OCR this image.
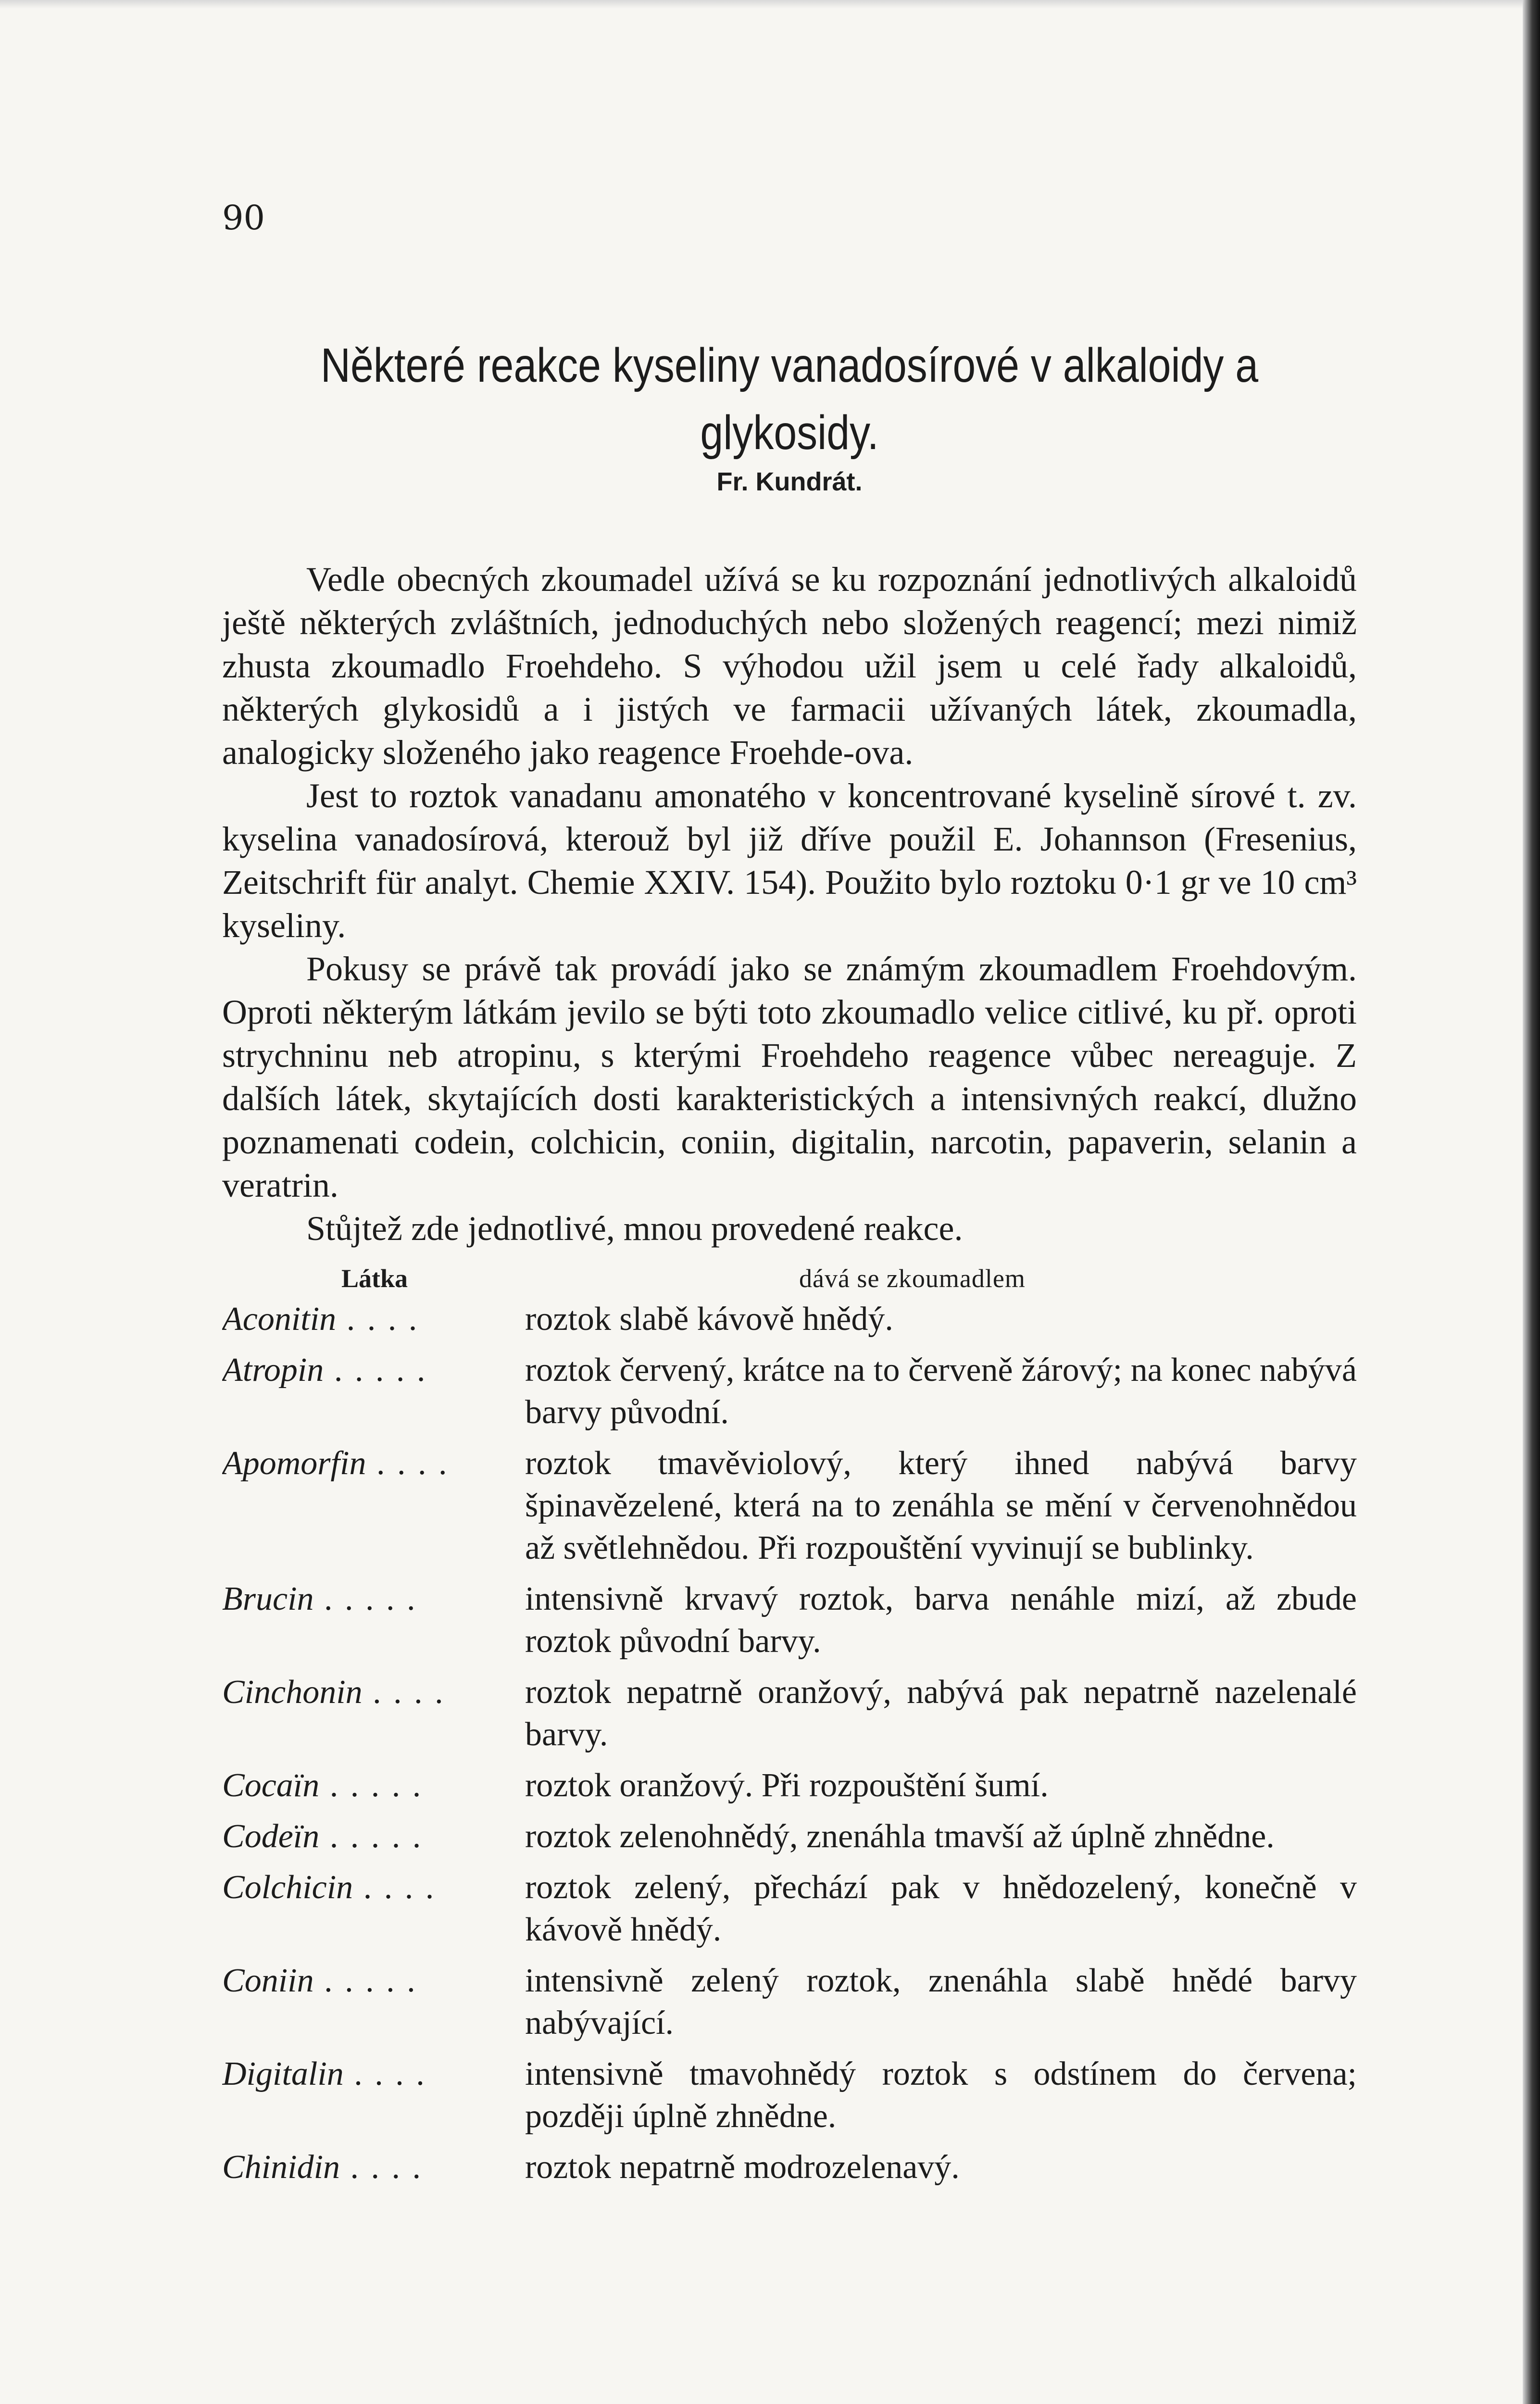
90
Některé reakce kyseliny vanadosírové v alkaloidy a glykosidy.
Fr. Kundrát.

Vedle obecných zkoumadel užívá se ku rozpoznání jednotlivých alkaloidů ještě některých zvláštních, jednoduchých nebo složených reagencí; mezi nimiž zhusta zkoumadlo Froehdeho. S výhodou užil jsem u celé řady alkaloidů, některých glykosidů a i jistých ve farmacii užívaných látek, zkoumadla, analogicky složeného jako reagence Froehde-ova.

Jest to roztok vanadanu amonatého v koncentrované kyselině sírové t. zv. kyselina vanadosírová, kterouž byl již dříve použil E. Johannson (Fresenius, Zeitschrift für analyt. Chemie XXIV. 154). Použito bylo roztoku 0·1 gr ve 10 cm³ kyseliny.

Pokusy se právě tak provádí jako se známým zkoumadlem Froehdovým. Oproti některým látkám jevilo se býti toto zkoumadlo velice citlivé, ku př. oproti strychninu neb atropinu, s kterými Froehdeho reagence vůbec nereaguje. Z dalších látek, skytajících dosti karakteristických a intensivných reakcí, dlužno poznamenati codein, colchicin, coniin, digitalin, narcotin, papaverin, selanin a veratrin.

Stůjtež zde jednotlivé, mnou provedené reakce.

Látka	dává se zkoumadlem
Aconitin . . . .	roztok slabě kávově hnědý.
Atropin . . . . .	roztok červený, krátce na to červeně žárový; na konec nabývá barvy původní.
Apomorfin . . . .	roztok tmavěviolový, který ihned nabývá barvy špinavězelené, která na to zenáhla se mění v červenohnědou až světlehnědou. Při rozpouštění vyvinují se bublinky.
Brucin . . . . .	intensivně krvavý roztok, barva nenáhle mizí, až zbude roztok původní barvy.
Cinchonin . . . .	roztok nepatrně oranžový, nabývá pak nepatrně nazelenalé barvy.
Cocaïn . . . . .	roztok oranžový. Při rozpouštění šumí.
Codeïn . . . . .	roztok zelenohnědý, znenáhla tmavší až úplně zhnědne.
Colchicin . . . .	roztok zelený, přechází pak v hnědozelený, konečně v kávově hnědý.
Coniin . . . . .	intensivně zelený roztok, znenáhla slabě hnědé barvy nabývající.
Digitalin . . . .	intensivně tmavohnědý roztok s odstínem do červena; později úplně zhnědne.
Chinidin . . . .	roztok nepatrně modrozelenavý.
